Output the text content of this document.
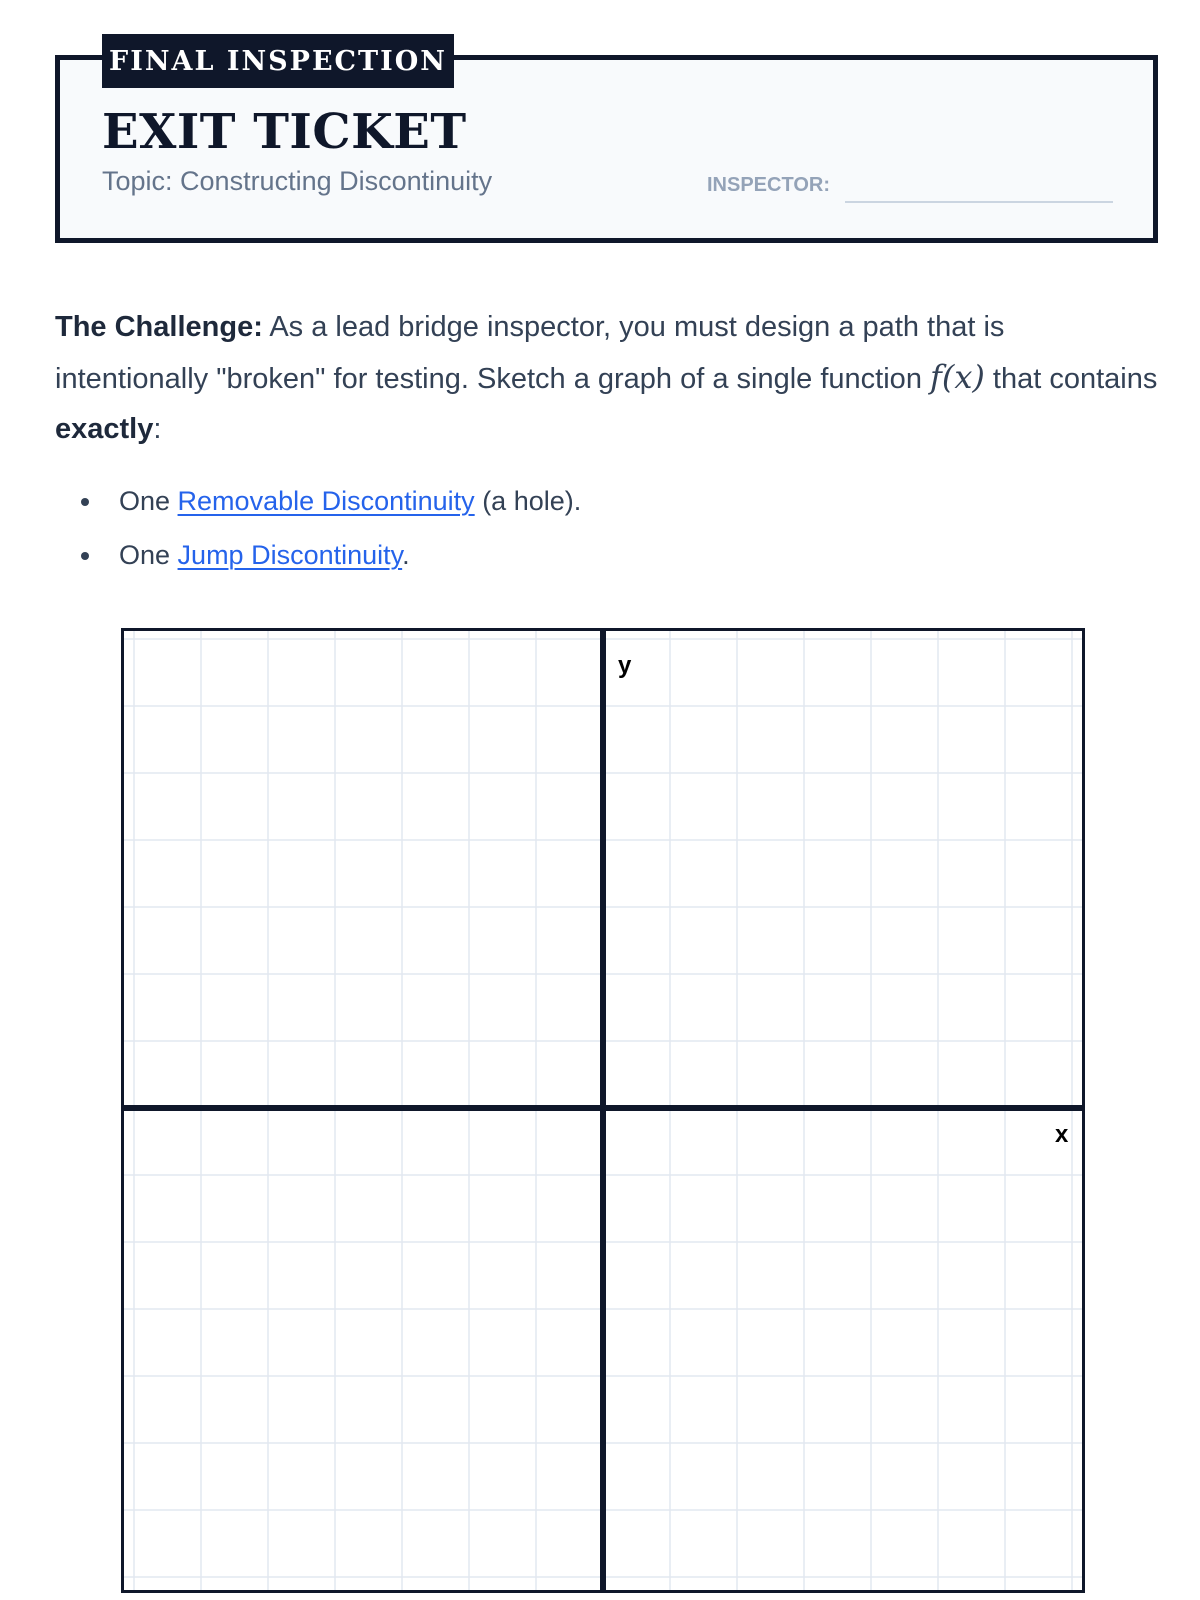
FINAL INSPECTION
EXIT TICKET
Topic: Constructing Discontinuity	INSPECTOR:
The Challenge: As a lead bridge inspector, you must design a path that is intentionally "broken" for testing. Sketch a graph of a single function f(x) that contains exactly:
One Removable Discontinuity (a hole).
One Jump Discontinuity.
y
x
